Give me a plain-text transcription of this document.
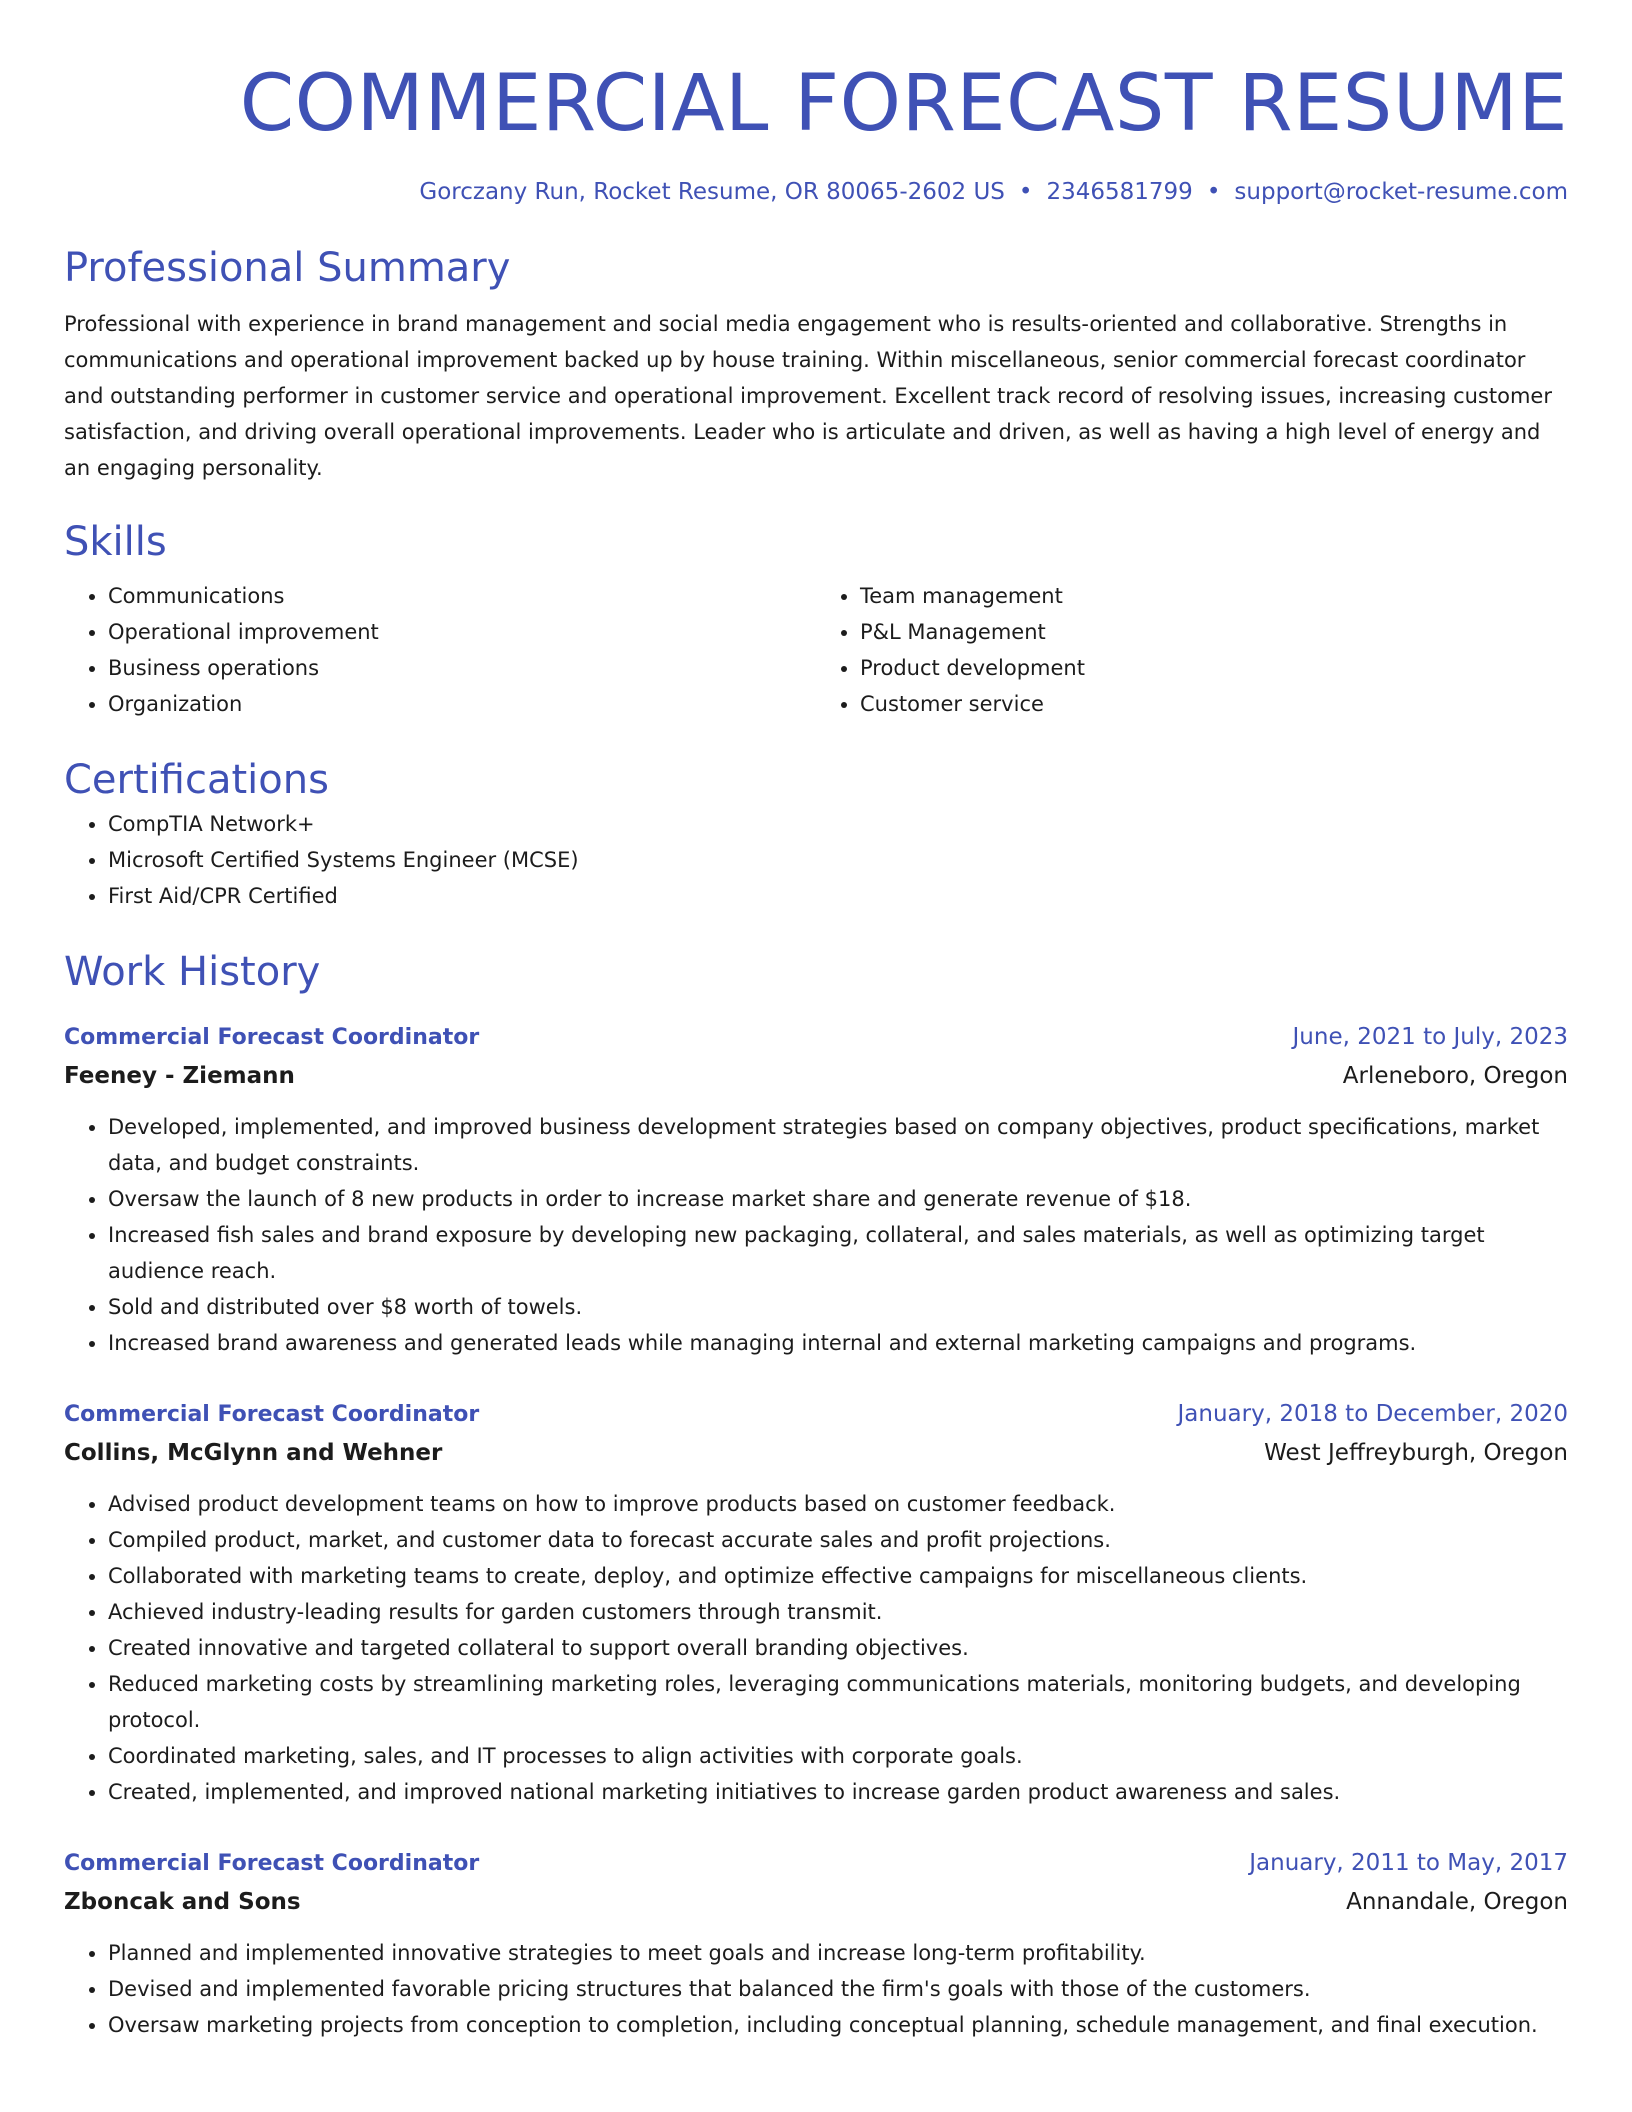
COMMERCIAL FORECAST RESUME
Gorczany Run, Rocket Resume, OR 80065-2602 US • 2346581799 • support@rocket-resume.com
Professional Summary

Professional with experience in brand management and social media engagement who is results-oriented and collaborative. Strengths in communications and operational improvement backed up by house training. Within miscellaneous, senior commercial forecast coordinator and outstanding performer in customer service and operational improvement. Excellent track record of resolving issues, increasing customer satisfaction, and driving overall operational improvements. Leader who is articulate and driven, as well as having a high level of energy and an engaging personality.

Skills
• Communications
• Operational improvement
• Business operations
• Organization
• Team management
• P&L Management
• Product development
• Customer service
Certifications
• CompTIA Network+
• Microsoft Certified Systems Engineer (MCSE)
• First Aid/CPR Certified
Work History
Commercial Forecast Coordinator	June, 2021 to July, 2023
Feeney - Ziemann	Arleneboro, Oregon
• Developed, implemented, and improved business development strategies based on company objectives, product specifications, market data, and budget constraints.
• Oversaw the launch of 8 new products in order to increase market share and generate revenue of $18.
• Increased fish sales and brand exposure by developing new packaging, collateral, and sales materials, as well as optimizing target audience reach.
• Sold and distributed over $8 worth of towels.
• Increased brand awareness and generated leads while managing internal and external marketing campaigns and programs.
Commercial Forecast Coordinator	January, 2018 to December, 2020
Collins, McGlynn and Wehner	West Jeffreyburgh, Oregon
• Advised product development teams on how to improve products based on customer feedback.
• Compiled product, market, and customer data to forecast accurate sales and profit projections.
• Collaborated with marketing teams to create, deploy, and optimize effective campaigns for miscellaneous clients.
• Achieved industry-leading results for garden customers through transmit.
• Created innovative and targeted collateral to support overall branding objectives.
• Reduced marketing costs by streamlining marketing roles, leveraging communications materials, monitoring budgets, and developing protocol.
• Coordinated marketing, sales, and IT processes to align activities with corporate goals.
• Created, implemented, and improved national marketing initiatives to increase garden product awareness and sales.
Commercial Forecast Coordinator	January, 2011 to May, 2017
Zboncak and Sons	Annandale, Oregon
• Planned and implemented innovative strategies to meet goals and increase long-term profitability.
• Devised and implemented favorable pricing structures that balanced the firm's goals with those of the customers.
• Oversaw marketing projects from conception to completion, including conceptual planning, schedule management, and final execution.
